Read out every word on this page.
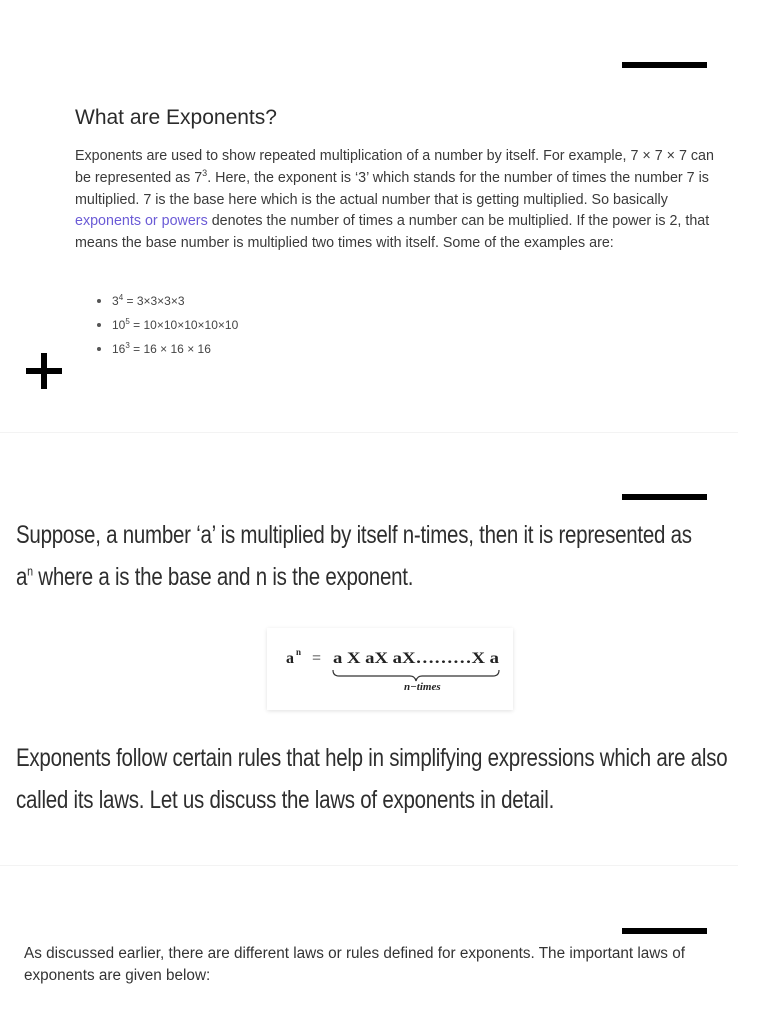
What are Exponents?

Exponents are used to show repeated multiplication of a number by itself. For example, 7 × 7 × 7 can be represented as $7^3$. Here, the exponent is ‘3’ which stands for the number of times the number 7 is multiplied. 7 is the base here which is the actual number that is getting multiplied. So basically exponents or powers denotes the number of times a number can be multiplied. If the power is 2, that means the base number is multiplied two times with itself. Some of the examples are:

$3^4 = 3\times 3\times 3\times 3$
$10^5 = 10\times 10\times 10\times 10\times 10$
$16^3 = 16 \times 16 \times 16$

Suppose, a number ‘a’ is multiplied by itself n-times, then it is represented as

$a^n$ where a is the base and n is the exponent.

a n = a X aX aX………X a
n−times

Exponents follow certain rules that help in simplifying expressions which are also

called its laws. Let us discuss the laws of exponents in detail.

As discussed earlier, there are different laws or rules defined for exponents. The important laws of exponents are given below:
